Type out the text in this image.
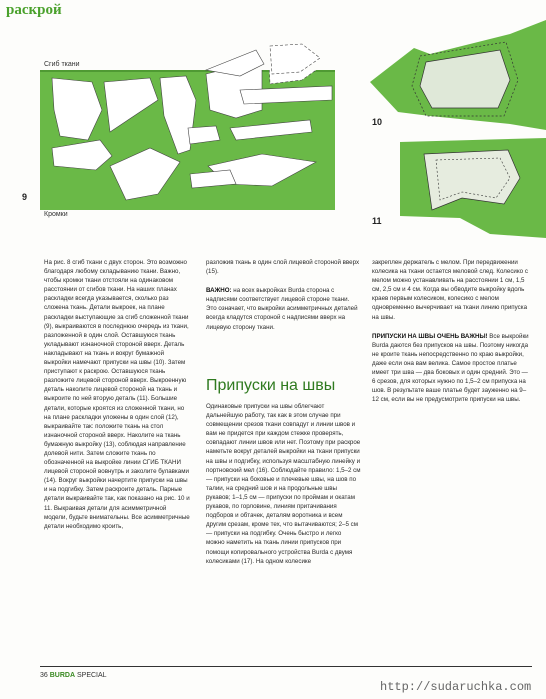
раскрой
Сгиб ткани
9
Кромки
10
11

На рис. 8 сгиб ткани с двух сторон. Это возможно благодаря любому складыванию ткани. Важно, чтобы кромки ткани отстояли на одинаковом расстоянии от сгибов ткани. На наших планах раскладки всегда указывается, сколько раз сложена ткань. Детали выкроек, на плане раскладки выступающие за сгиб сложенной ткани (9), выкраиваются в последнюю очередь из ткани, разложенной в один слой. Оставшуюся ткань укладывают изнаночной стороной вверх. Деталь накладывают на ткань и вокруг бумажной выкройки намечают припуски на швы (10). Затем приступают к раскрою. Оставшуюся ткань разложите лицевой стороной вверх. Выкроенную деталь наколите лицевой стороной на ткань и выкроите по ней вторую деталь (11). Большие детали, которые кроятся из сложенной ткани, но на плане раскладки уложены в один слой (12), выкраивайте так: положите ткань на стол изнаночной стороной вверх. Наколите на ткань бумажную выкройку (13), соблюдая направление долевой нити. Затем сложите ткань по обозначенной на выкройке линии СГИБ ТКАНИ лицевой стороной вовнутрь и заколите булавками (14). Вокруг выкройки начертите припуски на швы и на подгибку. Затем раскроите деталь. Парные детали выкраивайте так, как показано на рис. 10 и 11. Выкраивая детали для асимметричной модели, будьте внимательны. Все асимметричные детали необходимо кроить,

разложив ткань в один слой лицевой стороной вверх (15).

ВАЖНО: на всех выкройках Burda сторона с надписями соответствует лицевой стороне ткани. Это означает, что выкройки асимметричных деталей всегда кладутся стороной с надписями вверх на лицевую сторону ткани.

Припуски на швы

Одинаковые припуски на швы облегчают дальнейшую работу, так как в этом случае при совмещении срезов ткани совпадут и линии швов и вам не придется при каждом стежке проверять, совпадают линии швов или нет. Поэтому при раскрое наметьте вокруг деталей выкройки на ткани припуски на швы и подгибку, используя масштабную линейку и портновский мел (16). Соблюдайте правило: 1,5–2 см — припуски на боковые и плечевые швы, на шов по талии, на средний шов и на продольные швы рукавов; 1–1,5 см — припуски по проймам и окатам рукавов, по горловине, линиям притачивания подборов и обтачек, деталям воротника и всем другим срезам, кроме тех, что вытачиваются; 2–5 см — припуски на подгибку. Очень быстро и легко можно наметить на ткань линии припусков при помощи копировального устройства Burda с двумя колесиками (17). На одном колесике

закреплен держатель с мелом. При передвижении колесика на ткани остается меловой след. Колесико с мелом можно устанавливать на расстоянии 1 см, 1,5 см, 2,5 см и 4 см. Когда вы обводите выкройку вдоль краев первым колесиком, колесико с мелом одновременно вычерчивает на ткани линию припуска на швы.

ПРИПУСКИ НА ШВЫ ОЧЕНЬ ВАЖНЫ! Все выкройки Burda даются без припусков на швы. Поэтому никогда не кроите ткань непосредственно по краю выкройки, даже если она вам велика. Самое простое платье имеет три шва — два боковых и один средний. Это — 6 срезов, для которых нужно по 1,5–2 см припуска на шов. В результате ваше платье будет зауженно на 9–12 см, если вы не предусмотрите припуски на швы.

36 BURDA SPECIAL
http://sudaruchka.com
